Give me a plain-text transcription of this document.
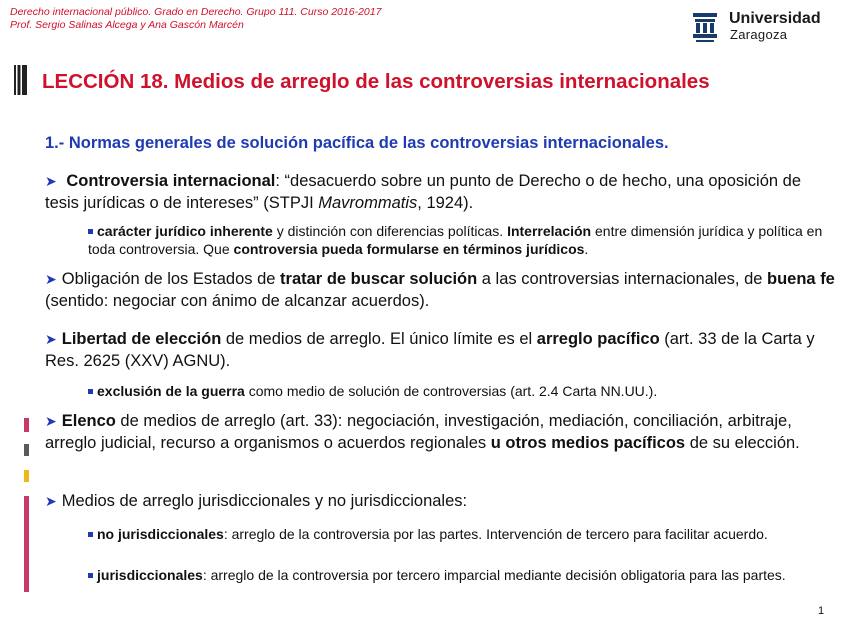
Derecho internacional público. Grado en Derecho. Grupo 111. Curso 2016-2017
Prof. Sergio Salinas Alcega y Ana Gascón Marcén	Universidad
Zaragoza
LECCIÓN 18. Medios de arreglo de las controversias internacionales
1.- Normas generales de solución pacífica de las controversias internacionales.
➤ Controversia internacional: “desacuerdo sobre un punto de Derecho o de hecho, una oposición de tesis jurídicas o de intereses” (STPJI Mavrommatis, 1924).
carácter jurídico inherente y distinción con diferencias políticas. Interrelación entre dimensión jurídica y política en toda controversia. Que controversia pueda formularse en términos jurídicos.
➤ Obligación de los Estados de tratar de buscar solución a las controversias internacionales, de buena fe (sentido: negociar con ánimo de alcanzar acuerdos).
➤ Libertad de elección de medios de arreglo. El único límite es el arreglo pacífico (art. 33 de la Carta y Res. 2625 (XXV) AGNU).
exclusión de la guerra como medio de solución de controversias (art. 2.4 Carta NN.UU.).
➤ Elenco de medios de arreglo (art. 33): negociación, investigación, mediación, conciliación, arbitraje, arreglo judicial, recurso a organismos o acuerdos regionales u otros medios pacíficos de su elección.
➤ Medios de arreglo jurisdiccionales y no jurisdiccionales:
no jurisdiccionales: arreglo de la controversia por las partes. Intervención de tercero para facilitar acuerdo.
jurisdiccionales: arreglo de la controversia por tercero imparcial mediante decisión obligatoria para las partes.
1
